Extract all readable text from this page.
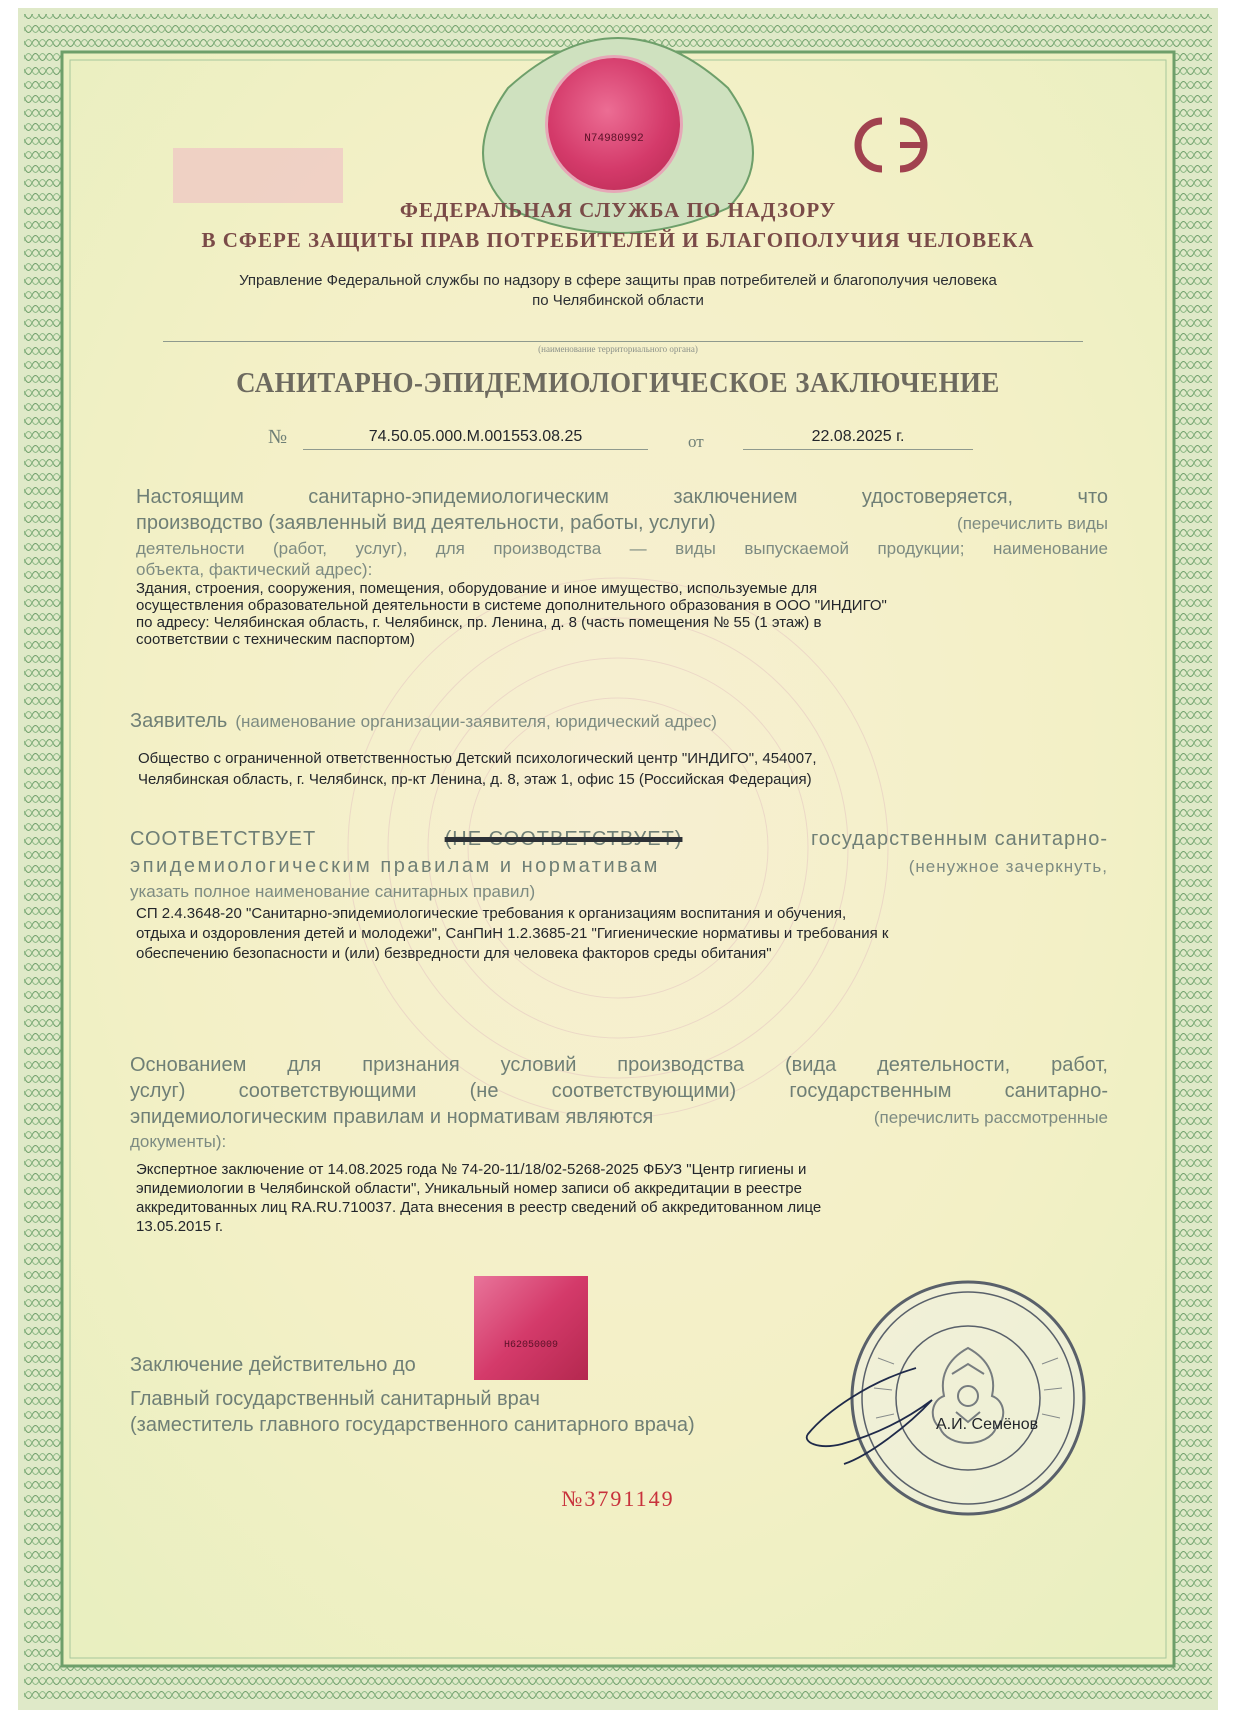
N74980992
ФЕДЕРАЛЬНАЯ СЛУЖБА ПО НАДЗОРУ
В СФЕРЕ ЗАЩИТЫ ПРАВ ПОТРЕБИТЕЛЕЙ И БЛАГОПОЛУЧИЯ ЧЕЛОВЕКА
Управление Федеральной службы по надзору в сфере защиты прав потребителей и благополучия человека
по Челябинской области
(наименование территориального органа)
САНИТАРНО-ЭПИДЕМИОЛОГИЧЕСКОЕ ЗАКЛЮЧЕНИЕ
№	74.50.05.000.М.001553.08.25	от	22.08.2025 г.
Настоящим санитарно-эпидемиологическим заключением удостоверяется, что
производство (заявленный вид деятельности, работы, услуги)	(перечислить виды
деятельности (работ, услуг), для производства — виды выпускаемой продукции; наименование
объекта, фактический адрес):
Здания, строения, сооружения, помещения, оборудование и иное имущество, используемые для
осуществления образовательной деятельности в системе дополнительного образования в ООО "ИНДИГО"
по адресу: Челябинская область, г. Челябинск, пр. Ленина, д. 8 (часть помещения № 55 (1 этаж) в
соответствии с техническим паспортом)
Заявитель (наименование организации-заявителя, юридический адрес)
Общество с ограниченной ответственностью Детский психологический центр "ИНДИГО", 454007,
Челябинская область, г. Челябинск, пр-кт Ленина, д. 8, этаж 1, офис 15 (Российская Федерация)
СООТВЕТСТВУЕТ	(НЕ СООТВЕТСТВУЕТ)	государственным санитарно-
эпидемиологическим правилам и нормативам	(ненужное зачеркнуть,
указать полное наименование санитарных правил)
СП 2.4.3648-20 "Санитарно-эпидемиологические требования к организациям воспитания и обучения,
отдыха и оздоровления детей и молодежи", СанПиН 1.2.3685-21 "Гигиенические нормативы и требования к
обеспечению безопасности и (или) безвредности для человека факторов среды обитания"
Основанием для признания условий производства (вида деятельности, работ,
услуг) соответствующими (не соответствующими) государственным санитарно-
эпидемиологическим правилам и нормативам являются	(перечислить рассмотренные
документы):
Экспертное заключение от 14.08.2025 года № 74-20-11/18/02-5268-2025 ФБУЗ "Центр гигиены и
эпидемиологии в Челябинской области", Уникальный номер записи об аккредитации в реестре
аккредитованных лиц RA.RU.710037. Дата внесения в реестр сведений об аккредитованном лице
13.05.2015 г.
Н62050009
Заключение действительно до
Главный государственный санитарный врач
(заместитель главного государственного санитарного врача)	А.И. Семёнов
№3791149
